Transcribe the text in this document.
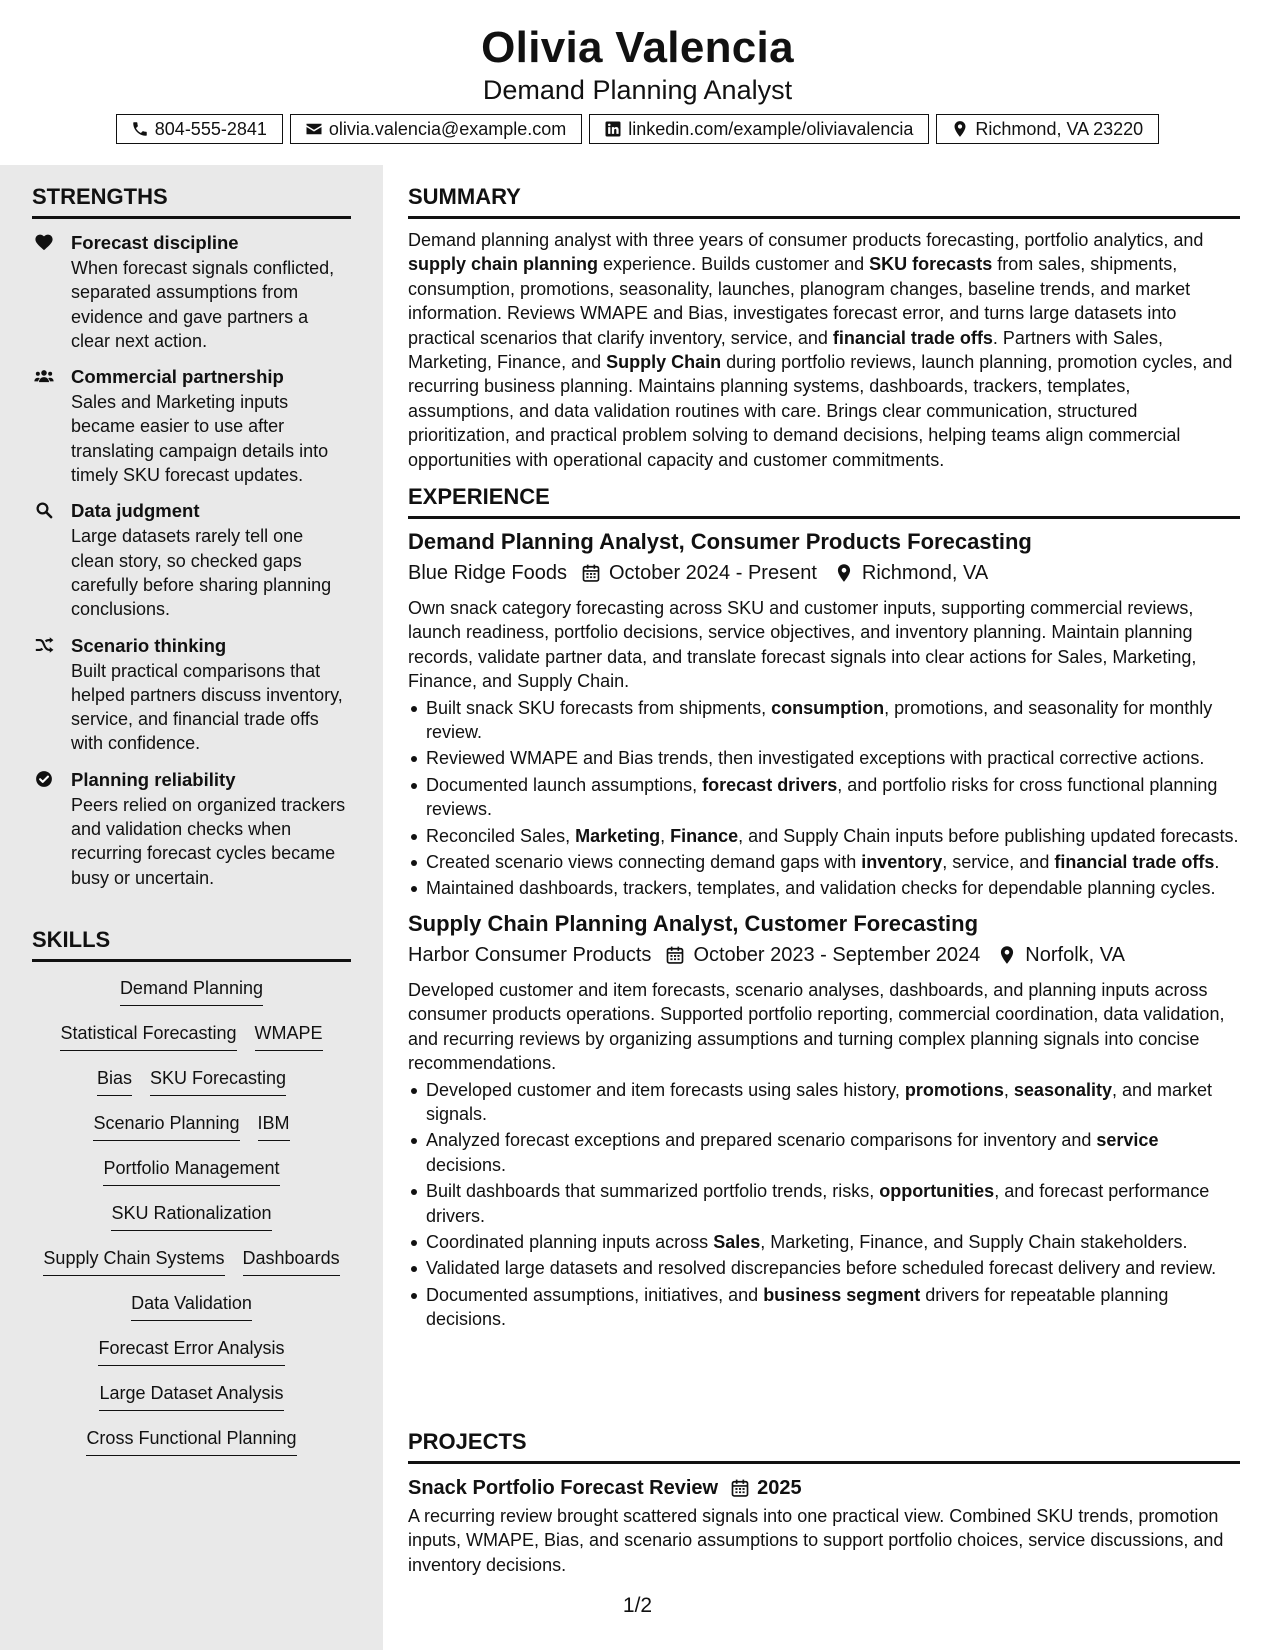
Olivia Valencia
Demand Planning Analyst
804-555-2841	olivia.valencia@example.com	linkedin.com/example/oliviavalencia	Richmond, VA 23220
STRENGTHS
Forecast discipline
When forecast signals conflicted, separated assumptions from evidence and gave partners a clear next action.
Commercial partnership
Sales and Marketing inputs became easier to use after translating campaign details into timely SKU forecast updates.
Data judgment
Large datasets rarely tell one clean story, so checked gaps carefully before sharing planning conclusions.
Scenario thinking
Built practical comparisons that helped partners discuss inventory, service, and financial trade offs with confidence.
Planning reliability
Peers relied on organized trackers and validation checks when recurring forecast cycles became busy or uncertain.
SKILLS
Demand Planning
Statistical Forecasting WMAPE
Bias SKU Forecasting
Scenario Planning IBM
Portfolio Management
SKU Rationalization
Supply Chain Systems Dashboards
Data Validation
Forecast Error Analysis
Large Dataset Analysis
Cross Functional Planning
SUMMARY
Demand planning analyst with three years of consumer products forecasting, portfolio analytics, and supply chain planning experience. Builds customer and SKU forecasts from sales, shipments, consumption, promotions, seasonality, launches, planogram changes, baseline trends, and market information. Reviews WMAPE and Bias, investigates forecast error, and turns large datasets into practical scenarios that clarify inventory, service, and financial trade offs. Partners with Sales, Marketing, Finance, and Supply Chain during portfolio reviews, launch planning, promotion cycles, and recurring business planning. Maintains planning systems, dashboards, trackers, templates, assumptions, and data validation routines with care. Brings clear communication, structured prioritization, and practical problem solving to demand decisions, helping teams align commercial opportunities with operational capacity and customer commitments.
EXPERIENCE
Demand Planning Analyst, Consumer Products Forecasting
Blue Ridge Foods October 2024 - Present Richmond, VA
Own snack category forecasting across SKU and customer inputs, supporting commercial reviews, launch readiness, portfolio decisions, service objectives, and inventory planning. Maintain planning records, validate partner data, and translate forecast signals into clear actions for Sales, Marketing, Finance, and Supply Chain.
Built snack SKU forecasts from shipments, consumption, promotions, and seasonality for monthly review.
Reviewed WMAPE and Bias trends, then investigated exceptions with practical corrective actions.
Documented launch assumptions, forecast drivers, and portfolio risks for cross functional planning reviews.
Reconciled Sales, Marketing, Finance, and Supply Chain inputs before publishing updated forecasts.
Created scenario views connecting demand gaps with inventory, service, and financial trade offs.
Maintained dashboards, trackers, templates, and validation checks for dependable planning cycles.
Supply Chain Planning Analyst, Customer Forecasting
Harbor Consumer Products October 2023 - September 2024 Norfolk, VA
Developed customer and item forecasts, scenario analyses, dashboards, and planning inputs across consumer products operations. Supported portfolio reporting, commercial coordination, data validation, and recurring reviews by organizing assumptions and turning complex planning signals into concise recommendations.
Developed customer and item forecasts using sales history, promotions, seasonality, and market signals.
Analyzed forecast exceptions and prepared scenario comparisons for inventory and service decisions.
Built dashboards that summarized portfolio trends, risks, opportunities, and forecast performance drivers.
Coordinated planning inputs across Sales, Marketing, Finance, and Supply Chain stakeholders.
Validated large datasets and resolved discrepancies before scheduled forecast delivery and review.
Documented assumptions, initiatives, and business segment drivers for repeatable planning decisions.
PROJECTS
Snack Portfolio Forecast Review 2025
A recurring review brought scattered signals into one practical view. Combined SKU trends, promotion inputs, WMAPE, Bias, and scenario assumptions to support portfolio choices, service discussions, and inventory decisions.
1/2
